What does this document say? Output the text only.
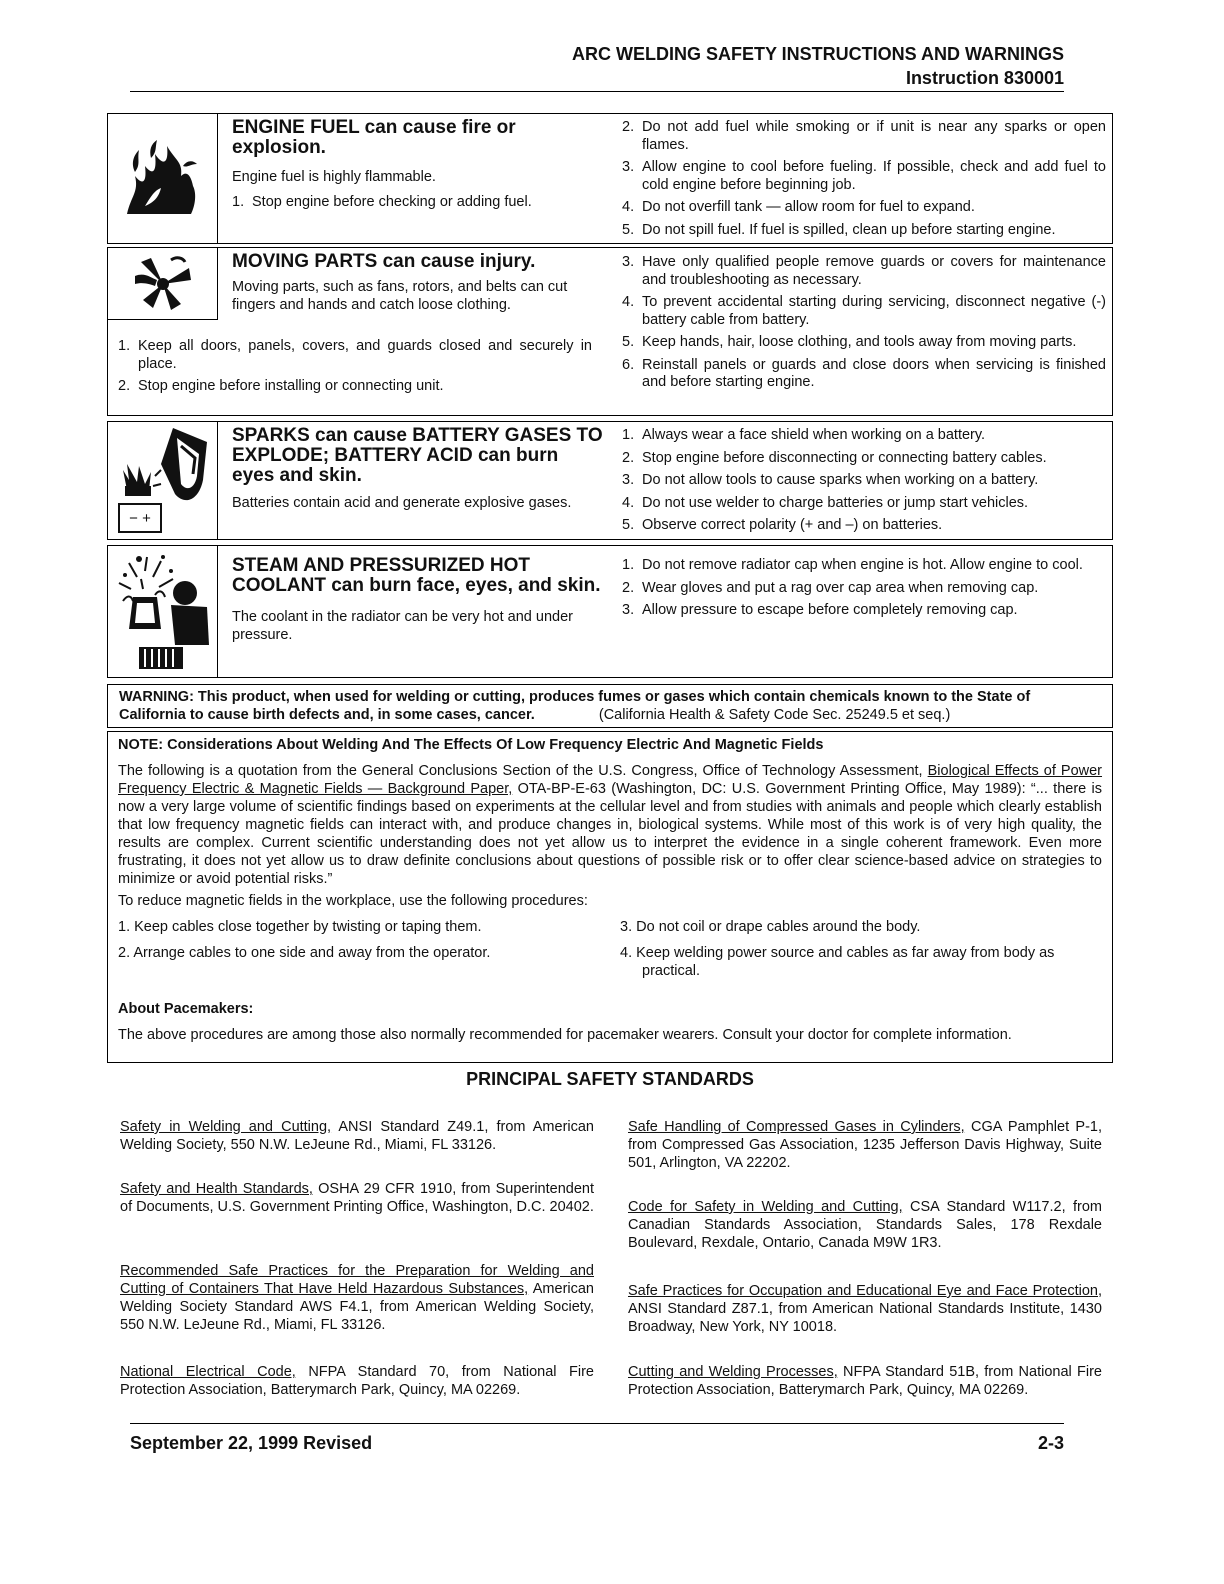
ARC WELDING SAFETY INSTRUCTIONS AND WARNINGS
Instruction 830001
ENGINE FUEL can cause fire or explosion.
Engine fuel is highly flammable.
1. Stop engine before checking or adding fuel.
2. Do not add fuel while smoking or if unit is near any sparks or open flames.
3. Allow engine to cool before fueling. If possible, check and add fuel to cold engine before beginning job.
4. Do not overfill tank — allow room for fuel to expand.
5. Do not spill fuel. If fuel is spilled, clean up before starting engine.
MOVING PARTS can cause injury.
Moving parts, such as fans, rotors, and belts can cut fingers and hands and catch loose clothing.
1. Keep all doors, panels, covers, and guards closed and securely in place.
2. Stop engine before installing or connecting unit.
3. Have only qualified people remove guards or covers for maintenance and troubleshooting as necessary.
4. To prevent accidental starting during servicing, disconnect negative (-) battery cable from battery.
5. Keep hands, hair, loose clothing, and tools away from moving parts.
6. Reinstall panels or guards and close doors when servicing is finished and before starting engine.
− +
SPARKS can cause BATTERY GASES TO EXPLODE; BATTERY ACID can burn eyes and skin.
Batteries contain acid and generate explosive gases.
1. Always wear a face shield when working on a battery.
2. Stop engine before disconnecting or connecting battery cables.
3. Do not allow tools to cause sparks when working on a battery.
4. Do not use welder to charge batteries or jump start vehicles.
5. Observe correct polarity (+ and –) on batteries.
STEAM AND PRESSURIZED HOT COOLANT can burn face, eyes, and skin.
The coolant in the radiator can be very hot and under pressure.
1. Do not remove radiator cap when engine is hot. Allow engine to cool.
2. Wear gloves and put a rag over cap area when removing cap.
3. Allow pressure to escape before completely removing cap.
WARNING: This product, when used for welding or cutting, produces fumes or gases which contain chemicals known to the State of California to cause birth defects and, in some cases, cancer.	(California Health & Safety Code Sec. 25249.5 et seq.)
NOTE: Considerations About Welding And The Effects Of Low Frequency Electric And Magnetic Fields
The following is a quotation from the General Conclusions Section of the U.S. Congress, Office of Technology Assessment, Biological Effects of Power Frequency Electric & Magnetic Fields — Background Paper, OTA-BP-E-63 (Washington, DC: U.S. Government Printing Office, May 1989): “... there is now a very large volume of scientific findings based on experiments at the cellular level and from studies with animals and people which clearly establish that low frequency magnetic fields can interact with, and produce changes in, biological systems. While most of this work is of very high quality, the results are complex. Current scientific understanding does not yet allow us to interpret the evidence in a single coherent framework. Even more frustrating, it does not yet allow us to draw definite conclusions about questions of possible risk or to offer clear science-based advice on strategies to minimize or avoid potential risks.”
To reduce magnetic fields in the workplace, use the following procedures:
1. Keep cables close together by twisting or taping them.
2. Arrange cables to one side and away from the operator.
3. Do not coil or drape cables around the body.
4. Keep welding power source and cables as far away from body as practical.
About Pacemakers:
The above procedures are among those also normally recommended for pacemaker wearers. Consult your doctor for complete information.
PRINCIPAL SAFETY STANDARDS
Safety in Welding and Cutting, ANSI Standard Z49.1, from American Welding Society, 550 N.W. LeJeune Rd., Miami, FL 33126.
Safety and Health Standards, OSHA 29 CFR 1910, from Superintendent of Documents, U.S. Government Printing Office, Washington, D.C. 20402.
Recommended Safe Practices for the Preparation for Welding and Cutting of Containers That Have Held Hazardous Substances, American Welding Society Standard AWS F4.1, from American Welding Society, 550 N.W. LeJeune Rd., Miami, FL 33126.
National Electrical Code, NFPA Standard 70, from National Fire Protection Association, Batterymarch Park, Quincy, MA 02269.
Safe Handling of Compressed Gases in Cylinders, CGA Pamphlet P-1, from Compressed Gas Association, 1235 Jefferson Davis Highway, Suite 501, Arlington, VA 22202.
Code for Safety in Welding and Cutting, CSA Standard W117.2, from Canadian Standards Association, Standards Sales, 178 Rexdale Boulevard, Rexdale, Ontario, Canada M9W 1R3.
Safe Practices for Occupation and Educational Eye and Face Protection, ANSI Standard Z87.1, from American National Standards Institute, 1430 Broadway, New York, NY 10018.
Cutting and Welding Processes, NFPA Standard 51B, from National Fire Protection Association, Batterymarch Park, Quincy, MA 02269.
September 22, 1999 Revised	2-3
